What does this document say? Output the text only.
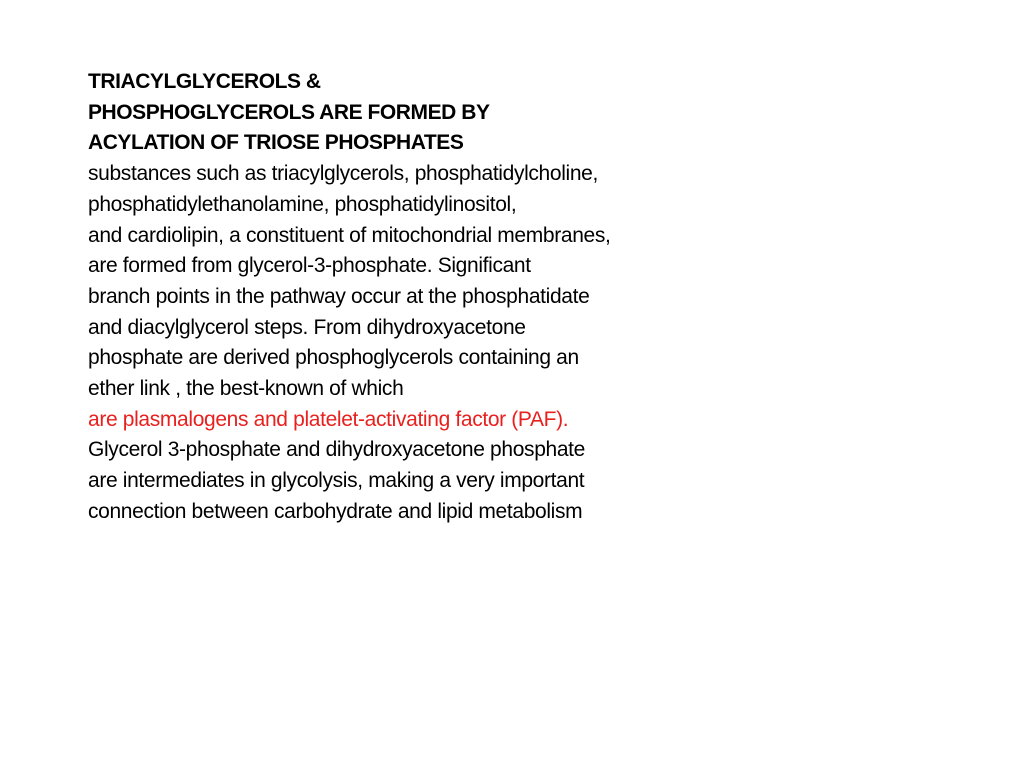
TRIACYLGLYCEROLS &
PHOSPHOGLYCEROLS ARE FORMED BY
ACYLATION OF TRIOSE PHOSPHATES
substances such as triacylglycerols, phosphatidylcholine,
phosphatidylethanolamine, phosphatidylinositol,
and cardiolipin, a constituent of mitochondrial membranes,
are formed from glycerol-3-phosphate. Significant
branch points in the pathway occur at the phosphatidate
and diacylglycerol steps. From dihydroxyacetone
phosphate are derived phosphoglycerols containing an
ether link , the best-known of which
are plasmalogens and platelet-activating factor (PAF).
Glycerol 3-phosphate and dihydroxyacetone phosphate
are intermediates in glycolysis, making a very important
connection between carbohydrate and lipid metabolism
